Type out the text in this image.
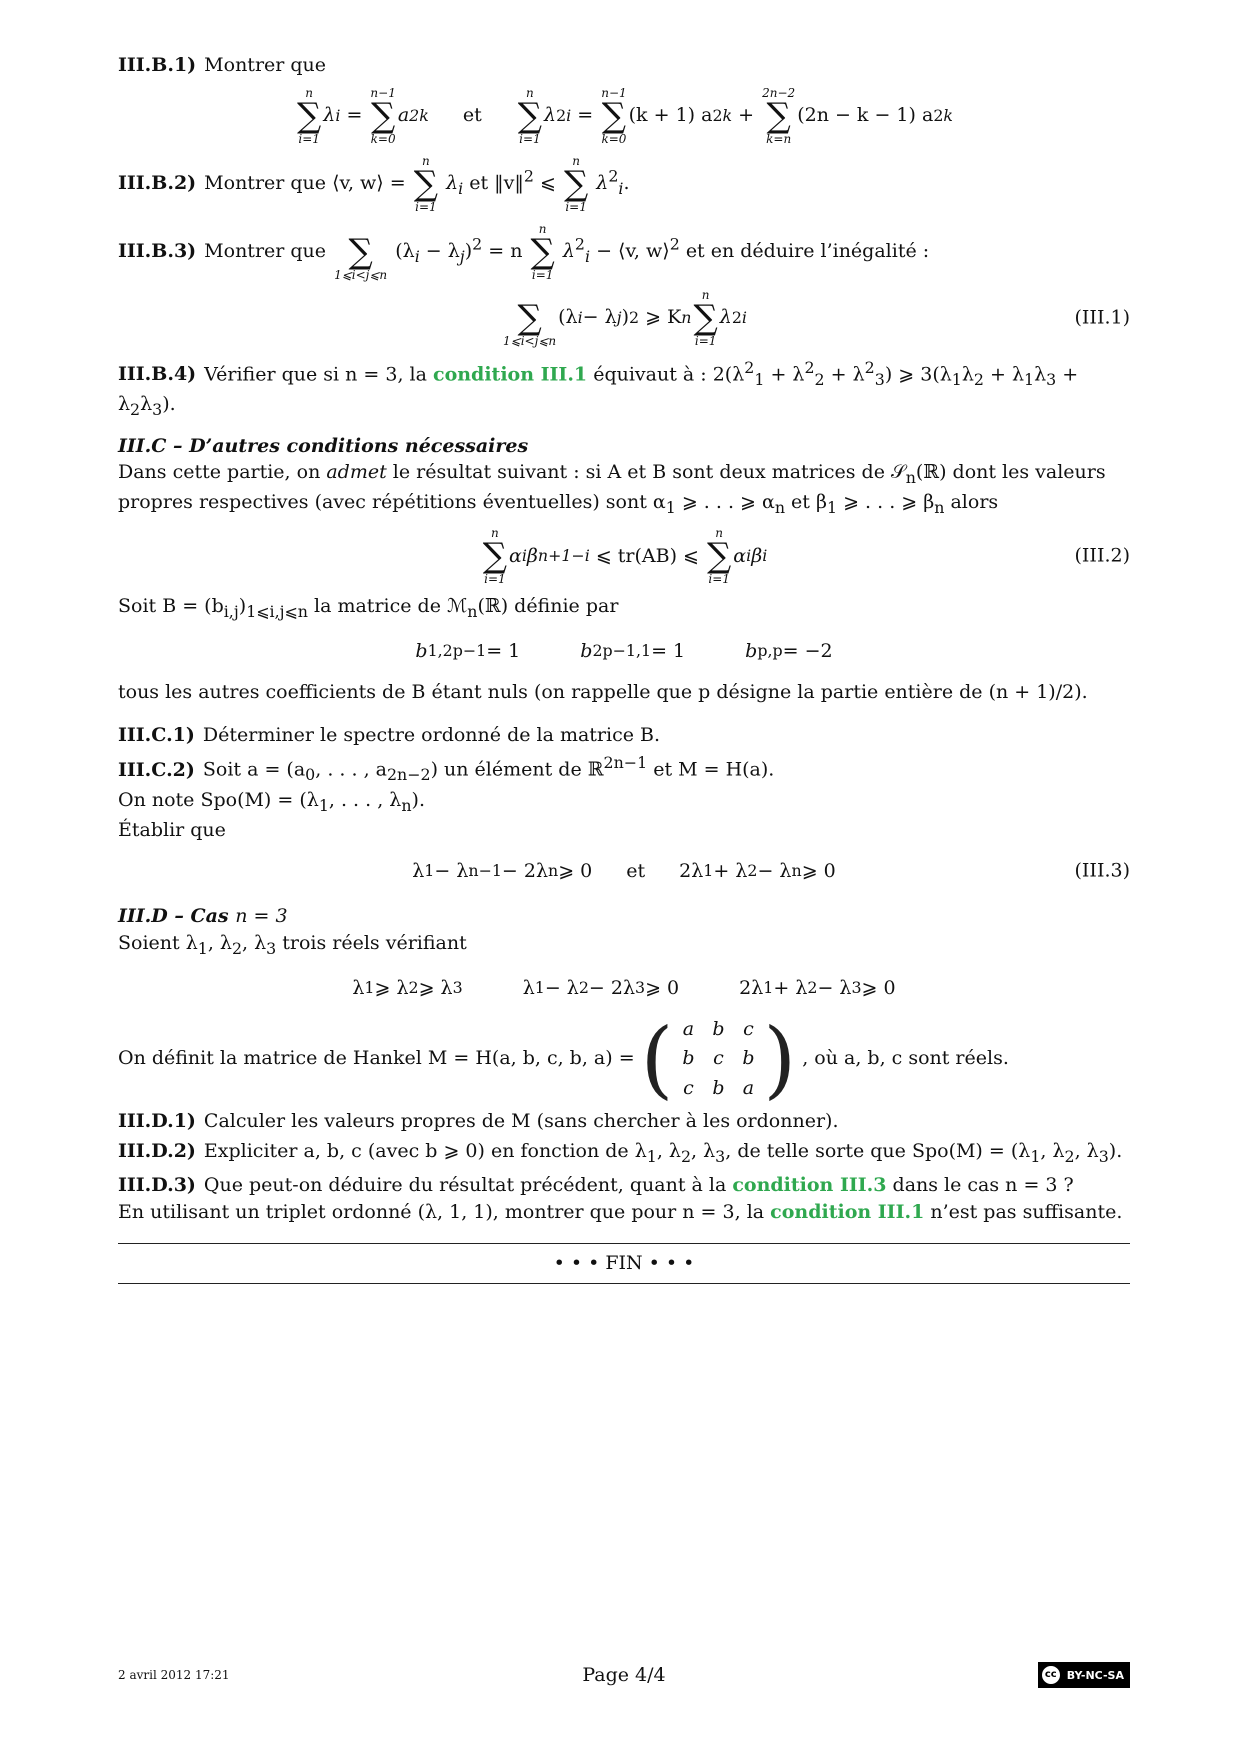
III.B.1) Montrer que
n
∑
i=1
λ i
=

n−1
∑
k=0
a 2k et
n
∑
i=1
λ 2 i
=

n−1
∑
k=0
(k + 1) a 2 k
+

2n−2
∑
k=n
(2n − k − 1) a 2 k
III.B.2) Montrer que ⟨v, w⟩ =
n
∑
i=1
$\lambda_i$ et ‖v‖$^2$ ⩽
n
∑
i=1
$\lambda^2_i$.
III.B.3) Montrer que
∑
1⩽i<j⩽n
$(\lambda_i - \lambda_j)^2 = n$
n
∑
i=1
$\lambda^2_i$ − ⟨v, w⟩$^2$ et en déduire l’inégalité :

∑
1⩽i<j⩽n
(λ i − λ j ) 2
⩾ K n
n
∑
i=1
λ 2 i	(III.1)
III.B.4) Vérifier que si n = 3, la condition III.1 équivaut à : $2(\lambda^2_1 + \lambda^2_2 + \lambda^2_3)$ ⩾ $3(\lambda_1\lambda_2 + \lambda_1\lambda_3 + \lambda_2\lambda_3)$.
III.C – D’autres conditions nécessaires
Dans cette partie, on admet le résultat suivant : si A et B sont deux matrices de 𝒮$_n$(ℝ) dont les valeurs propres respectives (avec répétitions éventuelles) sont $\alpha_1$ ⩾ . . . ⩾ $\alpha_n$ et $\beta_1$ ⩾ . . . ⩾ $\beta_n$ alors
n
∑
i=1
α i β n+1−i
⩽ tr(AB) ⩽

n
∑
i=1
α i β i	(III.2)
Soit $B = (b_{i,j})_{1⩽i,j⩽n}$ la matrice de ℳ$_n$(ℝ) définie par
b 1,2p−1 = 1	b 2p−1,1 = 1	b p,p = −2
tous les autres coefficients de B étant nuls (on rappelle que p désigne la partie entière de (n + 1)/2).
III.C.1) Déterminer le spectre ordonné de la matrice B.
III.C.2) Soit $a = (a_0$, . . . , $a_{2n-2}$) un élément de ℝ$^{2n-1}$ et M = H(a).
On note $Spo(M) = (\lambda_1$, . . . , $\lambda_n$).
Établir que
λ 1 − λ n−1 − 2λ n ⩾ 0 et 2λ 1 + λ 2 − λ n ⩾ 0	(III.3)
III.D – Cas n = 3
Soient $\lambda_1$, $\lambda_2$, $\lambda_3$ trois réels vérifiant
λ 1 ⩾ λ 2 ⩾ λ 3	λ 1 − λ 2 − 2λ 3 ⩾ 0	2λ 1 + λ 2 − λ 3 ⩾ 0
On définit la matrice de Hankel M = H(a, b, c, b, a) = ( a b c
b c b
c b a ) , où a, b, c sont réels.
III.D.1) Calculer les valeurs propres de M (sans chercher à les ordonner).
III.D.2) Expliciter a, b, c (avec b ⩾ 0) en fonction de $\lambda_1$, $\lambda_2$, $\lambda_3$, de telle sorte que $Spo(M) = (\lambda_1$, $\lambda_2$, $\lambda_3$).
III.D.3) Que peut-on déduire du résultat précédent, quant à la condition III.3 dans le cas n = 3 ?
En utilisant un triplet ordonné (λ, 1, 1), montrer que pour n = 3, la condition III.1 n’est pas suffisante.
• • • FIN • • •
2 avril 2012 17:21	Page 4/4	cc BY-NC-SA
